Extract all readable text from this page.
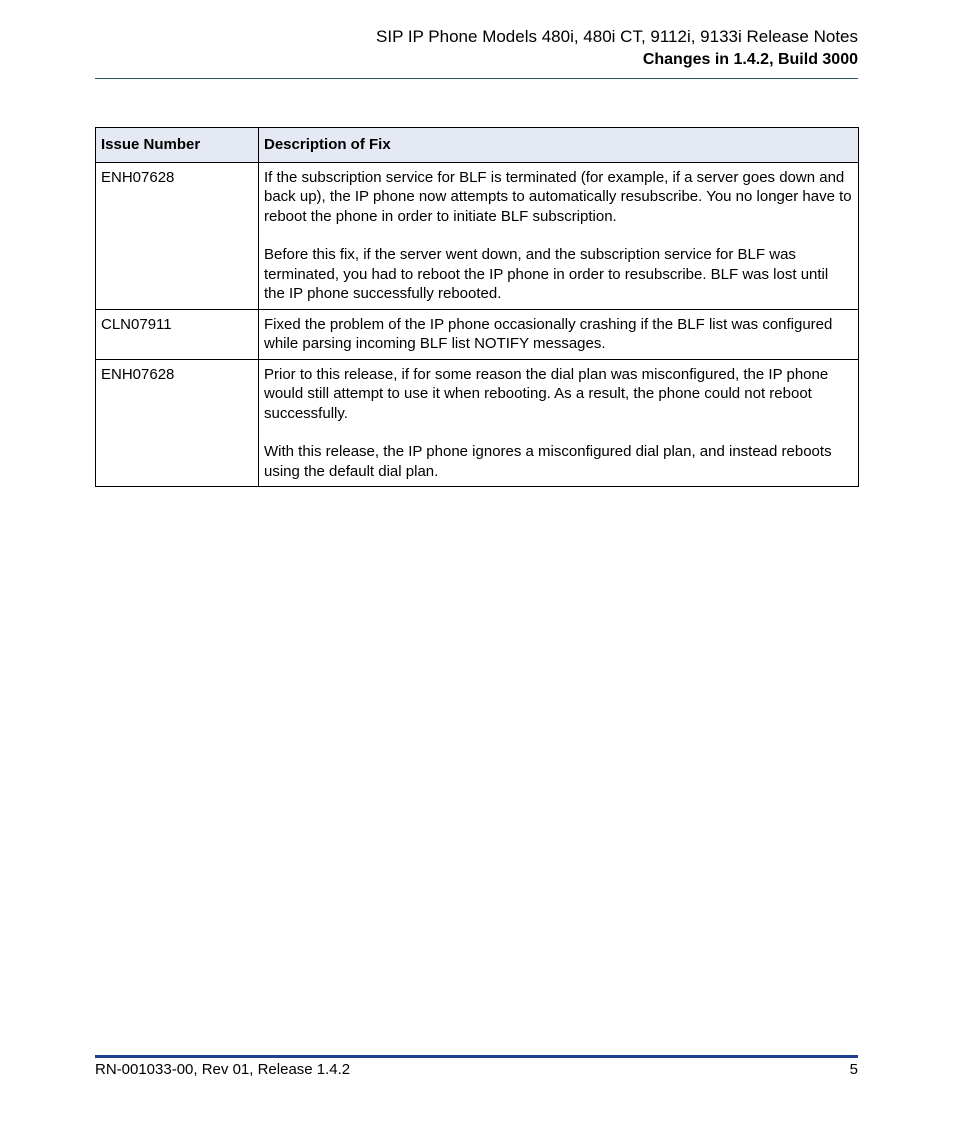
SIP IP Phone Models 480i, 480i CT, 9112i, 9133i Release Notes
Changes in 1.4.2, Build 3000
Issue Number	Description of Fix
ENH07628	If the subscription service for BLF is terminated (for example, if a server goes down and back up), the IP phone now attempts to automatically resubscribe. You no longer have to reboot the phone in order to initiate BLF subscription.

Before this fix, if the server went down, and the subscription service for BLF was terminated, you had to reboot the IP phone in order to resubscribe. BLF was lost until the IP phone successfully rebooted.

CLN07911	Fixed the problem of the IP phone occasionally crashing if the BLF list was configured while parsing incoming BLF list NOTIFY messages.

ENH07628	Prior to this release, if for some reason the dial plan was misconfigured, the IP phone would still attempt to use it when rebooting. As a result, the phone could not reboot successfully.

With this release, the IP phone ignores a misconfigured dial plan, and instead reboots using the default dial plan.

RN-001033-00, Rev 01, Release 1.4.2	5
